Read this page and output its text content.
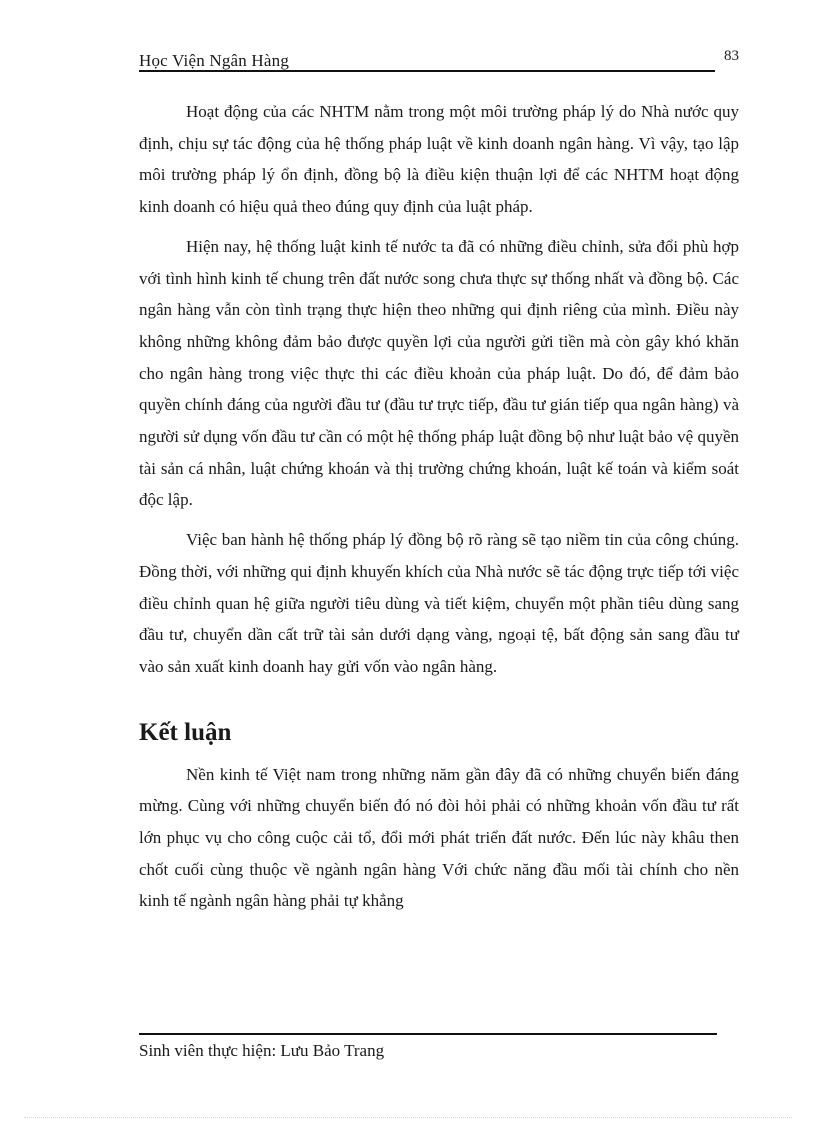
Học Viện Ngân Hàng	83

Hoạt động của các NHTM nằm trong một môi trường pháp lý do Nhà nước quy định, chịu sự tác động của hệ thống pháp luật về kinh doanh ngân hàng. Vì vậy, tạo lập môi trường pháp lý ổn định, đồng bộ là điều kiện thuận lợi để các NHTM hoạt động kinh doanh có hiệu quả theo đúng quy định của luật pháp.

Hiện nay, hệ thống luật kinh tế nước ta đã có những điều chỉnh, sửa đổi phù hợp với tình hình kinh tế chung trên đất nước song chưa thực sự thống nhất và đồng bộ. Các ngân hàng vẫn còn tình trạng thực hiện theo những qui định riêng của mình. Điều này không những không đảm bảo được quyền lợi của người gửi tiền mà còn gây khó khăn cho ngân hàng trong việc thực thi các điều khoản của pháp luật. Do đó, để đảm bảo quyền chính đáng của người đầu tư (đầu tư trực tiếp, đầu tư gián tiếp qua ngân hàng) và người sử dụng vốn đầu tư cần có một hệ thống pháp luật đồng bộ như luật bảo vệ quyền tài sản cá nhân, luật chứng khoán và thị trường chứng khoán, luật kế toán và kiểm soát độc lập.

Việc ban hành hệ thống pháp lý đồng bộ rõ ràng sẽ tạo niềm tin của công chúng. Đồng thời, với những qui định khuyến khích của Nhà nước sẽ tác động trực tiếp tới việc điều chỉnh quan hệ giữa người tiêu dùng và tiết kiệm, chuyển một phần tiêu dùng sang đầu tư, chuyển dần cất trữ tài sản dưới dạng vàng, ngoại tệ, bất động sản sang đầu tư vào sản xuất kinh doanh hay gửi vốn vào ngân hàng.

Kết luận

Nền kinh tế Việt nam trong những năm gần đây đã có những chuyển biến đáng mừng. Cùng với những chuyển biến đó nó đòi hỏi phải có những khoản vốn đầu tư rất lớn phục vụ cho công cuộc cải tổ, đổi mới phát triển đất nước. Đến lúc này khâu then chốt cuối cùng thuộc về ngành ngân hàng Với chức năng đầu mối tài chính cho nền kinh tế ngành ngân hàng phải tự khẳng

Sinh viên thực hiện: Lưu Bảo Trang
